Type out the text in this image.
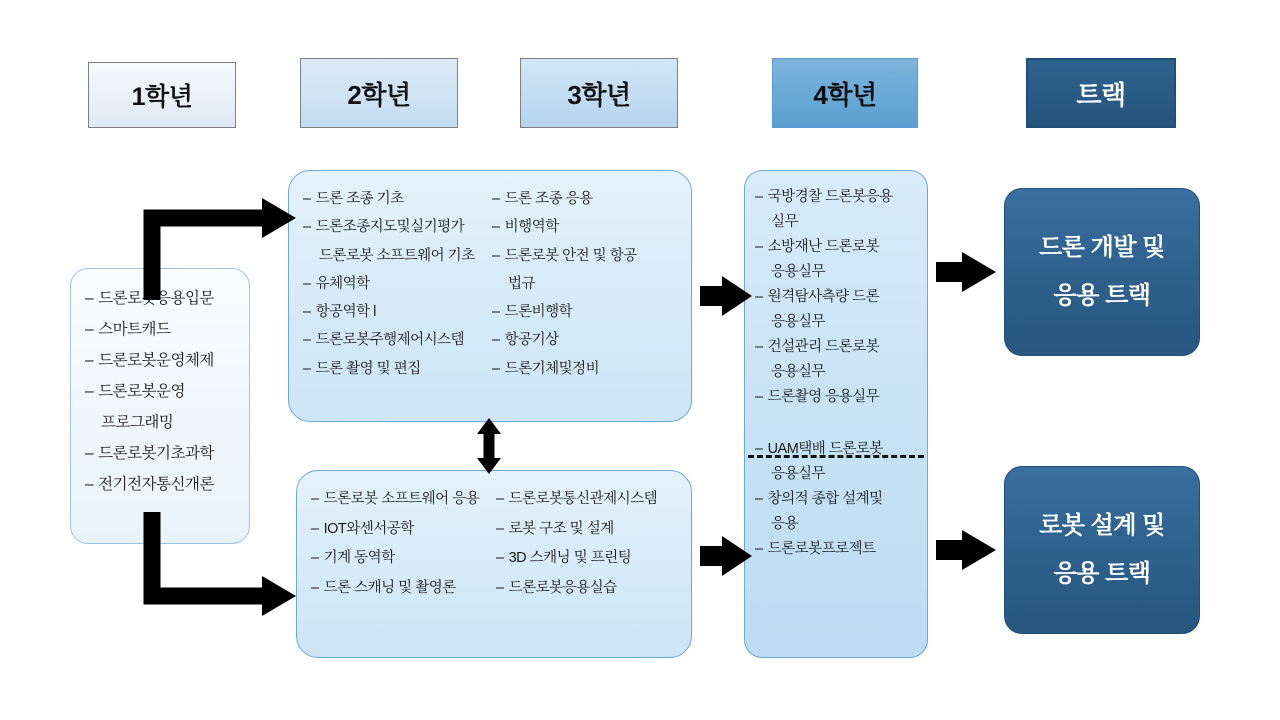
1학년	2학년	3학년	4학년	트랙
– 드론로봇응용입문
– 스마트캐드
– 드론로봇운영체제
– 드론로봇운영
프로그래밍
– 드론로봇기초과학
– 전기전자통신개론
– 드론 조종 기초
– 드론조종지도및실기평가
드론로봇 소프트웨어 기초
– 유체역학
– 항공역학 l
– 드론로봇주행제어시스템
– 드론 촬영 및 편집
– 드론 조종 응용
– 비행역학
– 드론로봇 안전 및 항공
법규
– 드론비행학
– 항공기상
– 드론기체및정비
– 드론로봇 소프트웨어 응용
– IOT와센서공학
– 기계 동역학
– 드론 스캐닝 및 촬영론
– 드론로봇통신관제시스템
– 로봇 구조 및 설계
– 3D 스캐닝 및 프린팅
– 드론로봇응용실습
– 국방경찰 드론봇응용
실무
– 소방재난 드론로봇
응용실무
– 원격탐사측량 드론
응용실무
– 건설관리 드론로봇
응용실무
– 드론촬영 응용실무
– UAM택배 드론로봇
응용실무
– 창의적 종합 설계및
응용
– 드론로봇프로젝트
드론 개발 및
응용 트랙
로봇 설계 및
응용 트랙
